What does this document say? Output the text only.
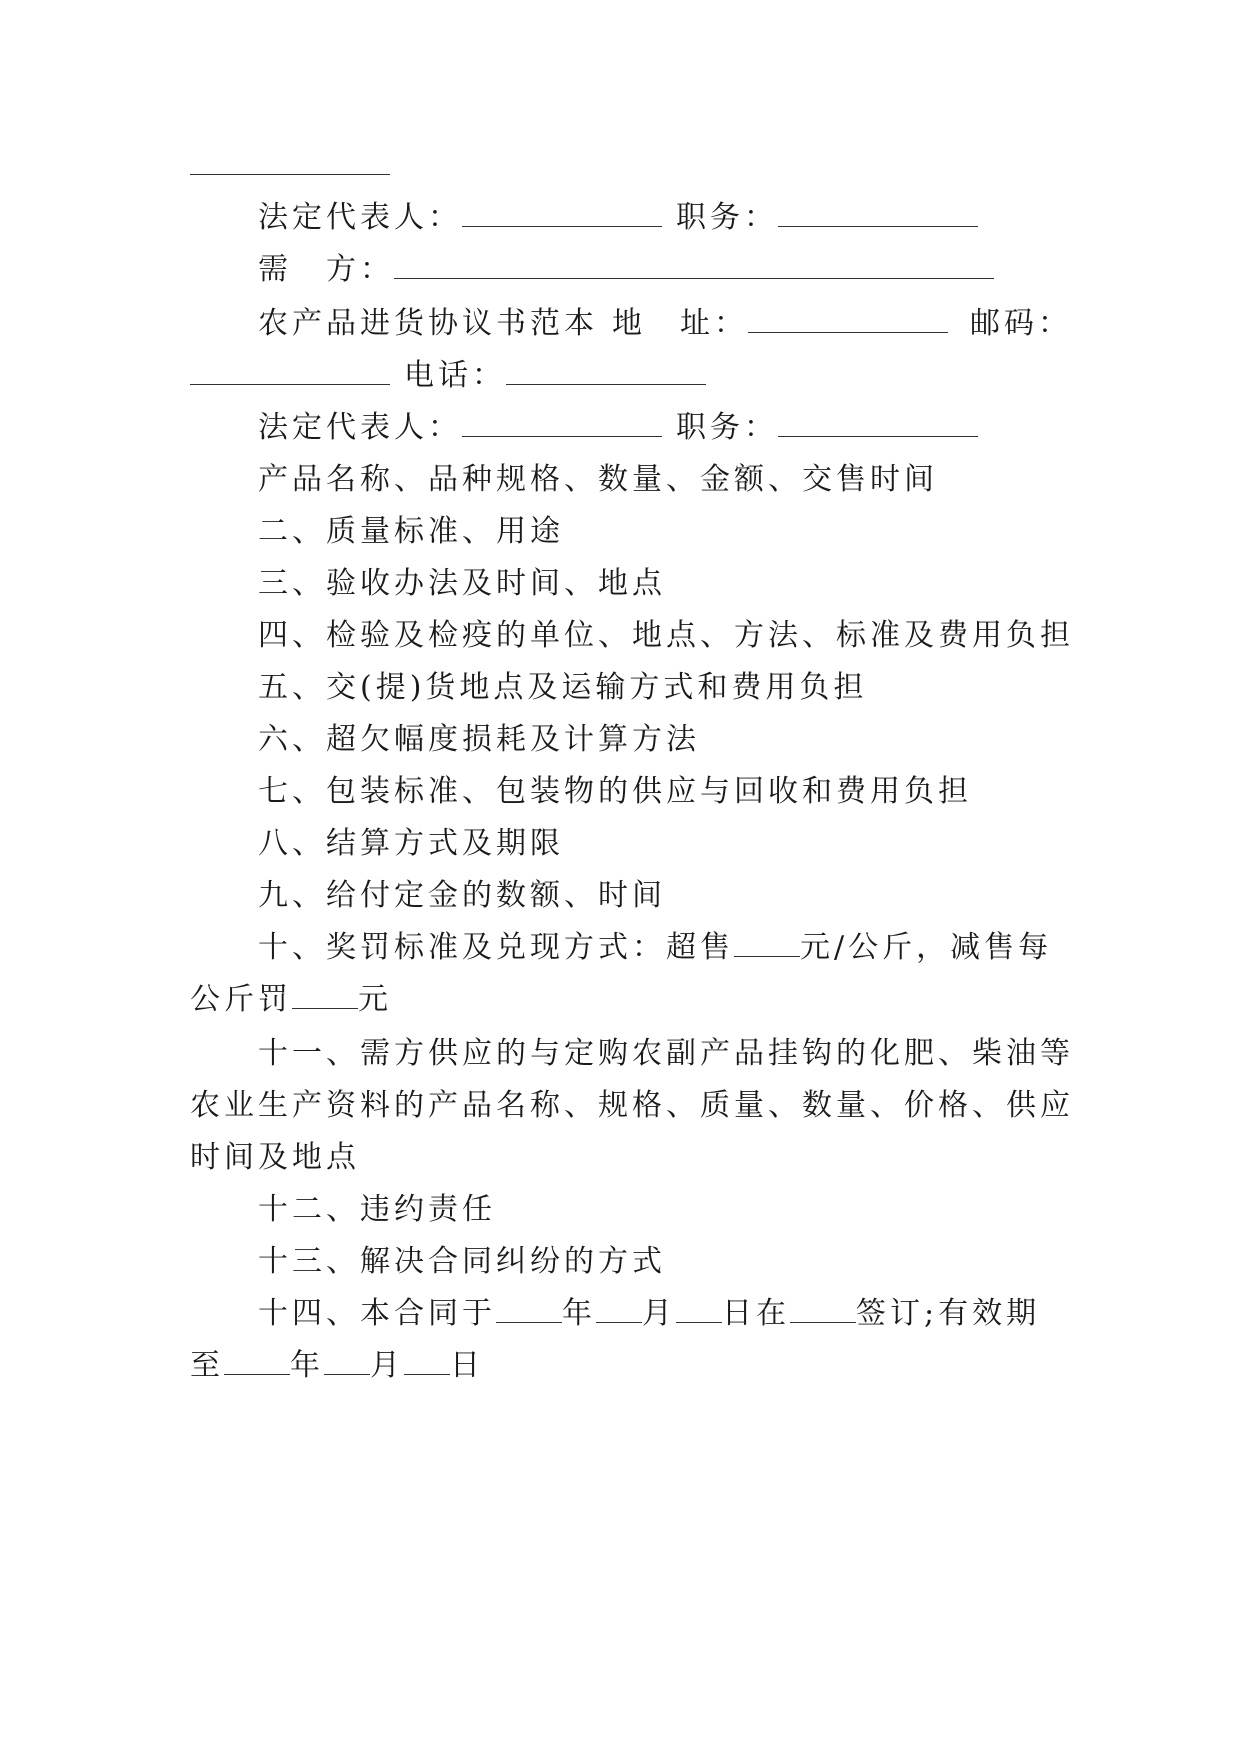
法定代表人：	职务：
需　方：
农产品进货协议书范本 地　址：	邮码：
电话：
法定代表人：	职务：
产品名称、品种规格、数量、金额、交售时间
二、质量标准、用途
三、验收办法及时间、地点
四、检验及检疫的单位、地点、方法、标准及费用负担
五、交(提)货地点及运输方式和费用负担
六、超欠幅度损耗及计算方法
七、包装标准、包装物的供应与回收和费用负担
八、结算方式及期限
九、给付定金的数额、时间
十、奖罚标准及兑现方式：超售 元/公斤，减售每
公斤罚 元
十一、需方供应的与定购农副产品挂钩的化肥、柴油等
农业生产资料的产品名称、规格、质量、数量、价格、供应
时间及地点
十二、违约责任
十三、解决合同纠纷的方式
十四、本合同于 年 月 日在 签订;有效期
至 年 月 日
